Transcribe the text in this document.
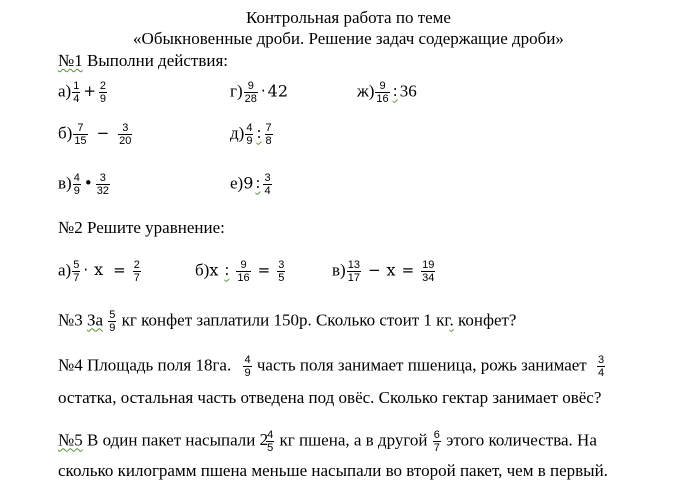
Контрольная работа по теме
«Обыкновенные дроби. Решение задач содержащие дроби»
№1 Выполни действия:
$а) \frac{1}{4} + \frac{2}{9}$	$г) \frac{9}{28} \cdot 42$	$ж) \frac{9}{16}$ : 36
$б) \frac{7}{15} - \frac{3}{20}$	$д) \frac{4}{9}$ : $\frac{7}{8}$
$в) \frac{4}{9}$ • $\frac{3}{32}$	е)9 : $\frac{3}{4}$
№2 Решите уравнение:
$а) \frac{5}{7} \cdot x = \frac{2}{7}$	б)x : $\frac{9}{16} = \frac{3}{5}$	$в) \frac{13}{17} - x = \frac{19}{34}$
№3 За $\frac{5}{9}$ кг конфет заплатили 150р. Сколько стоит 1 кг. конфет?
№4 Площадь поля 18га. $\frac{4}{9}$ часть поля занимает пшеница, рожь занимает $\frac{3}{4}$
остатка, остальная часть отведена под овёс. Сколько гектар занимает овёс?
№5 В один пакет насыпали 2
$\frac{4}{5}$ кг пшена, а в другой $\frac{6}{7}$ этого количества. На
сколько килограмм пшена меньше насыпали во второй пакет, чем в первый.
